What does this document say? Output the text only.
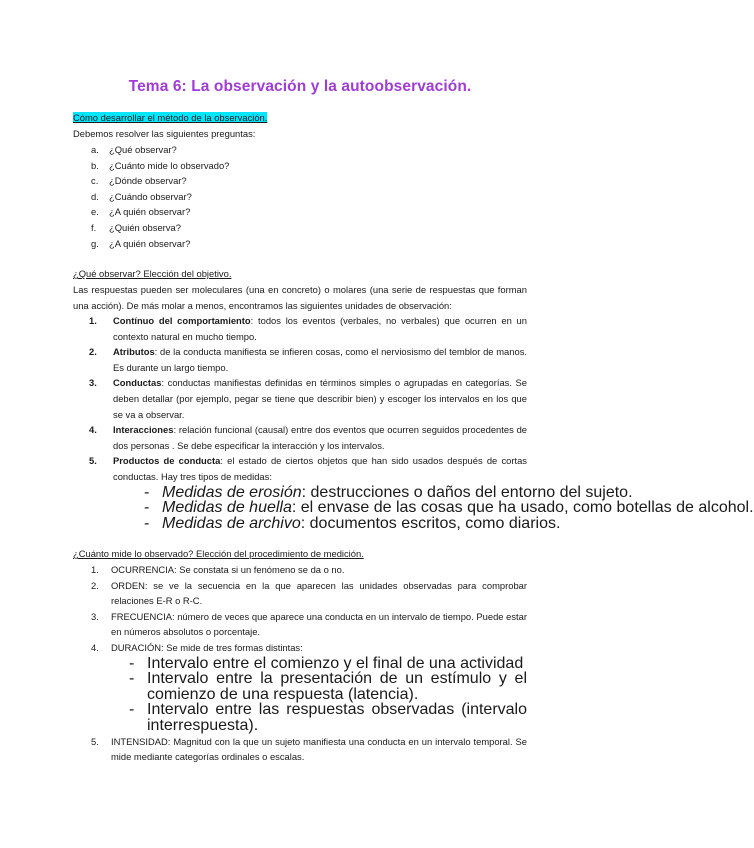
Tema 6: La observación y la autoobservación.
Cómo desarrollar el método de la observación.
Debemos resolver las siguientes preguntas:
a. ¿Qué observar?
b. ¿Cuánto mide lo observado?
c. ¿Dónde observar?
d. ¿Cuándo observar?
e. ¿A quién observar?
f. ¿Quién observa?
g. ¿A quién observar?
¿Qué observar? Elección del objetivo.
Las respuestas pueden ser moleculares (una en concreto) o molares (una serie de respuestas que forman una acción). De más molar a menos, encontramos las siguientes unidades de observación:
1. Contínuo del comportamiento: todos los eventos (verbales, no verbales) que ocurren en un contexto natural en mucho tiempo.
2. Atributos: de la conducta manifiesta se infieren cosas, como el nerviosismo del temblor de manos. Es durante un largo tiempo.
3. Conductas: conductas manifiestas definidas en términos simples o agrupadas en categorías. Se deben detallar (por ejemplo, pegar se tiene que describir bien) y escoger los intervalos en los que se va a observar.
4. Interacciones: relación funcional (causal) entre dos eventos que ocurren seguidos procedentes de dos personas . Se debe especificar la interacción y los intervalos.
5. Productos de conducta: el estado de ciertos objetos que han sido usados después de cortas conductas. Hay tres tipos de medidas:
- Medidas de erosión: destrucciones o daños del entorno del sujeto.
- Medidas de huella: el envase de las cosas que ha usado, como botellas de alcohol.
- Medidas de archivo: documentos escritos, como diarios.
¿Cuánto mide lo observado? Elección del procedimiento de medición.
1. OCURRENCIA: Se constata si un fenómeno se da o no.
2. ORDEN: se ve la secuencia en la que aparecen las unidades observadas para comprobar relaciones E-R o R-C.
3. FRECUENCIA: número de veces que aparece una conducta en un intervalo de tiempo. Puede estar en números absolutos o porcentaje.
4. DURACIÓN: Se mide de tres formas distintas:
- Intervalo entre el comienzo y el final de una actividad
- Intervalo entre la presentación de un estímulo y el comienzo de una respuesta (latencia).
- Intervalo entre las respuestas observadas (intervalo interrespuesta).
5. INTENSIDAD: Magnitud con la que un sujeto manifiesta una conducta en un intervalo temporal. Se mide mediante categorías ordinales o escalas.
